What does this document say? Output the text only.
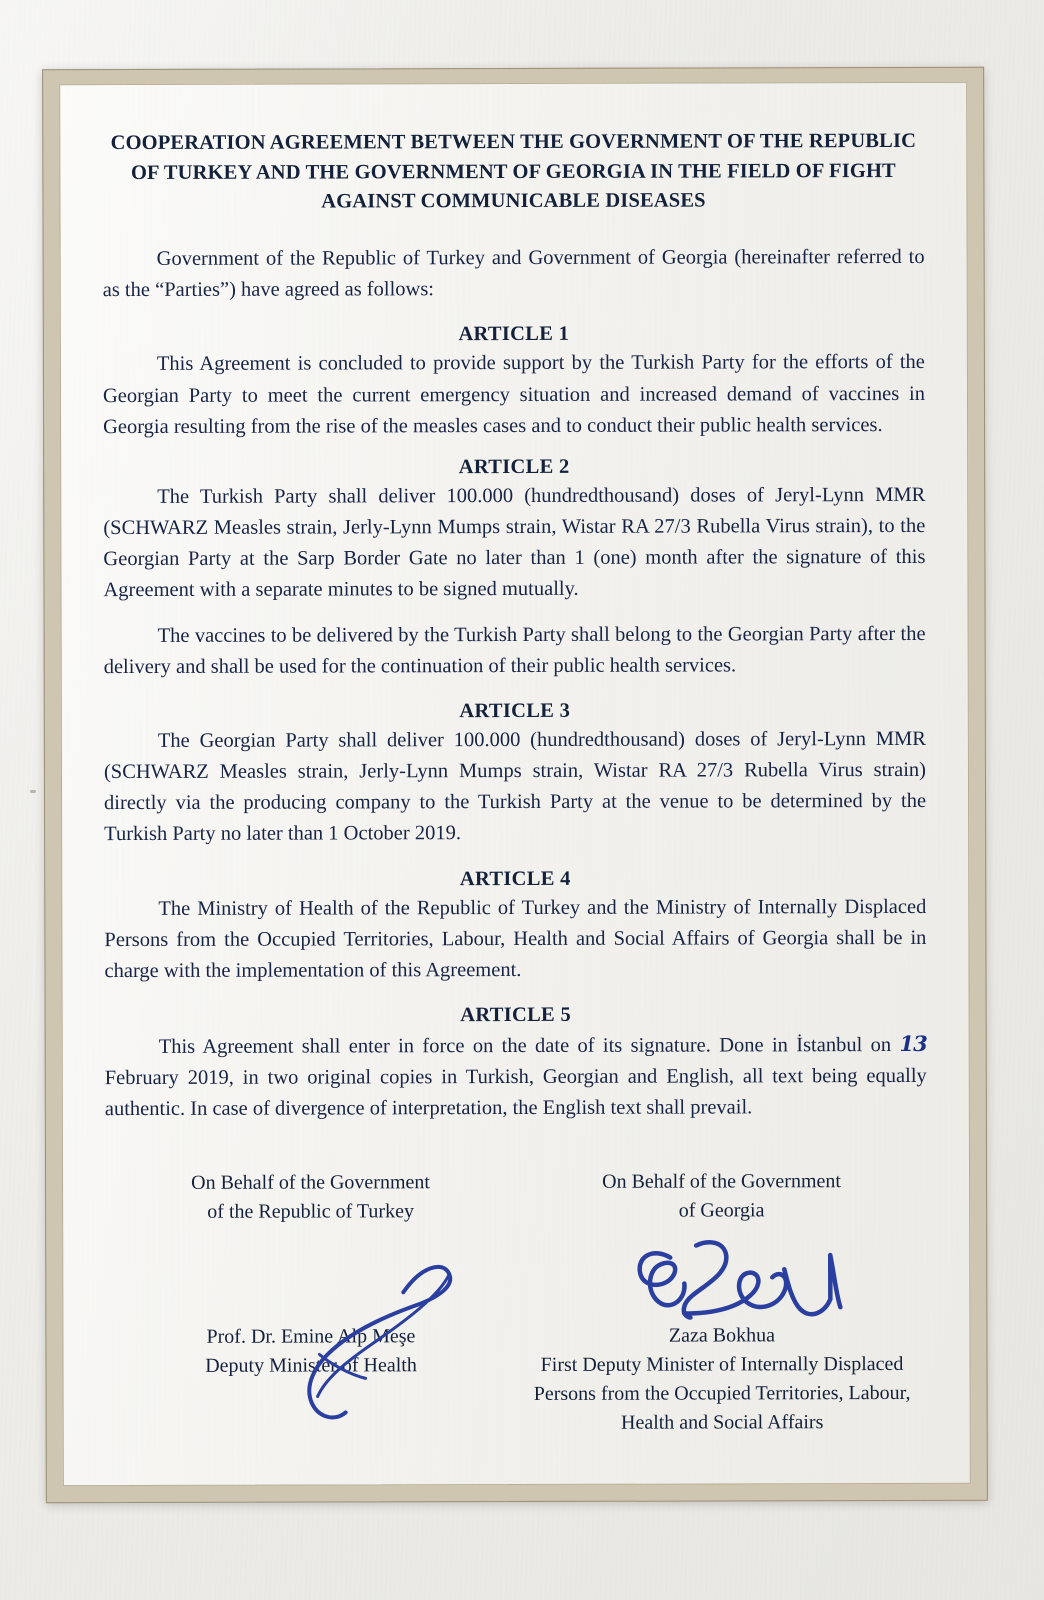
COOPERATION AGREEMENT BETWEEN THE GOVERNMENT OF THE REPUBLIC OF TURKEY AND THE GOVERNMENT OF GEORGIA IN THE FIELD OF FIGHT AGAINST COMMUNICABLE DISEASES

Government of the Republic of Turkey and Government of Georgia (hereinafter referred to as the “Parties”) have agreed as follows:

ARTICLE 1

This Agreement is concluded to provide support by the Turkish Party for the efforts of the Georgian Party to meet the current emergency situation and increased demand of vaccines in Georgia resulting from the rise of the measles cases and to conduct their public health services.

ARTICLE 2

The Turkish Party shall deliver 100.000 (hundredthousand) doses of Jeryl-Lynn MMR (SCHWARZ Measles strain, Jerly-Lynn Mumps strain, Wistar RA 27/3 Rubella Virus strain), to the Georgian Party at the Sarp Border Gate no later than 1 (one) month after the signature of this Agreement with a separate minutes to be signed mutually.

The vaccines to be delivered by the Turkish Party shall belong to the Georgian Party after the delivery and shall be used for the continuation of their public health services.

ARTICLE 3

The Georgian Party shall deliver 100.000 (hundredthousand) doses of Jeryl-Lynn MMR (SCHWARZ Measles strain, Jerly-Lynn Mumps strain, Wistar RA 27/3 Rubella Virus strain) directly via the producing company to the Turkish Party at the venue to be determined by the Turkish Party no later than 1 October 2019.

ARTICLE 4

The Ministry of Health of the Republic of Turkey and the Ministry of Internally Displaced Persons from the Occupied Territories, Labour, Health and Social Affairs of Georgia shall be in charge with the implementation of this Agreement.

ARTICLE 5

This Agreement shall enter in force on the date of its signature. Done in İstanbul on 13 February 2019, in two original copies in Turkish, Georgian and English, all text being equally authentic. In case of divergence of interpretation, the English text shall prevail.

On Behalf of the Government
of the Republic of Turkey
Prof. Dr. Emine Alp Meşe
Deputy Minister of Health
On Behalf of the Government
of Georgia
Zaza Bokhua
First Deputy Minister of Internally Displaced Persons from the Occupied Territories, Labour, Health and Social Affairs
